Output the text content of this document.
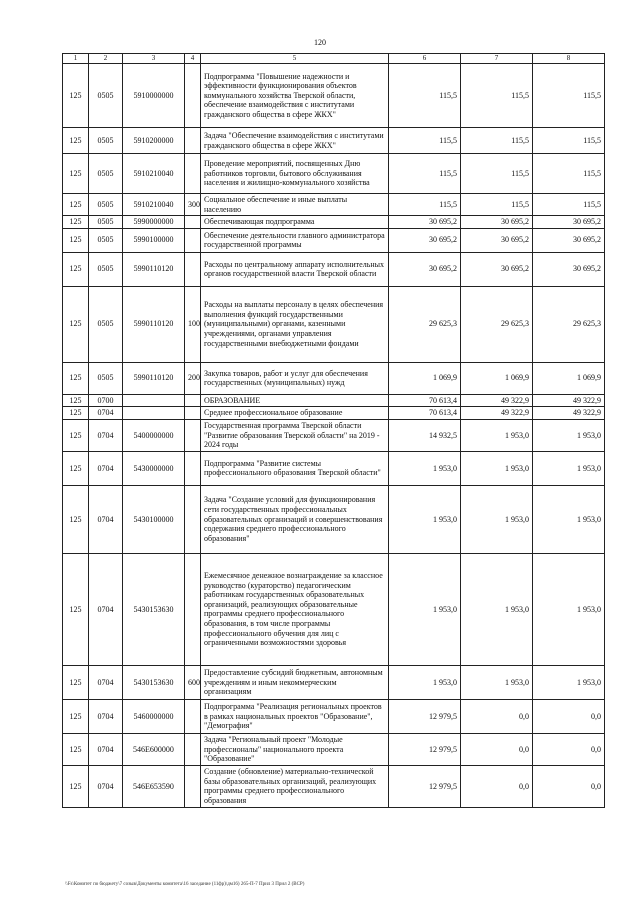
120
1	2	3	4	5	6	7	8
125	0505	5910000000		Подпрограмма "Повышение надежности и эффективности функционирования объектов коммунального хозяйства Тверской области, обеспечение взаимодействия с институтами гражданского общества в сфере ЖКХ"	115,5	115,5	115,5
125	0505	5910200000		Задача "Обеспечение взаимодействия с институтами гражданского общества в сфере ЖКХ"	115,5	115,5	115,5
125	0505	5910210040		Проведение мероприятий, посвященных Дню работников торговли, бытового обслуживания населения и жилищно-коммунального хозяйства	115,5	115,5	115,5
125	0505	5910210040	300	Социальное обеспечение и иные выплаты населению	115,5	115,5	115,5
125	0505	5990000000		Обеспечивающая подпрограмма	30 695,2	30 695,2	30 695,2
125	0505	5990100000		Обеспечение деятельности главного администратора государственной программы	30 695,2	30 695,2	30 695,2
125	0505	5990110120		Расходы по центральному аппарату исполнительных органов государственной власти Тверской области	30 695,2	30 695,2	30 695,2
125	0505	5990110120	100	Расходы на выплаты персоналу в целях обеспечения выполнения функций государственными (муниципальными) органами, казенными учреждениями, органами управления государственными внебюджетными фондами	29 625,3	29 625,3	29 625,3
125	0505	5990110120	200	Закупка товаров, работ и услуг для обеспечения государственных (муниципальных) нужд	1 069,9	1 069,9	1 069,9
125	0700			ОБРАЗОВАНИЕ	70 613,4	49 322,9	49 322,9
125	0704			Среднее профессиональное образование	70 613,4	49 322,9	49 322,9
125	0704	5400000000		Государственная программа Тверской области "Развитие образования Тверской области" на 2019 - 2024 годы	14 932,5	1 953,0	1 953,0
125	0704	5430000000		Подпрограмма "Развитие системы профессионального образования Тверской области"	1 953,0	1 953,0	1 953,0
125	0704	5430100000		Задача "Создание условий для функционирования сети государственных профессиональных образовательных организаций и совершенствования содержания среднего профессионального образования"	1 953,0	1 953,0	1 953,0
125	0704	5430153630		Ежемесячное денежное вознаграждение за классное руководство (кураторство) педагогическим работникам государственных образовательных организаций, реализующих образовательные программы среднего профессионального образования, в том числе программы профессионального обучения для лиц с ограниченными возможностями здоровья	1 953,0	1 953,0	1 953,0
125	0704	5430153630	600	Предоставление субсидий бюджетным, автономным учреждениям и иным некоммерческим организациям	1 953,0	1 953,0	1 953,0
125	0704	5460000000		Подпрограмма "Реализация региональных проектов в рамках национальных проектов "Образование", "Демография"	12 979,5	0,0	0,0
125	0704	546E600000		Задача "Региональный проект "Молодые профессионалы" национального проекта "Образование"	12 979,5	0,0	0,0
125	0704	546E653590		Создание (обновление) материально-технической базы образовательных организаций, реализующих программы среднего профессионального образования	12 979,5	0,0	0,0
\\Fs\Комитет по бюджету\7 созыв\Документы комитета\16 заседание (11фр)\дм16) 265-П-7 Прил 3 Прил 2 (ВСР)
